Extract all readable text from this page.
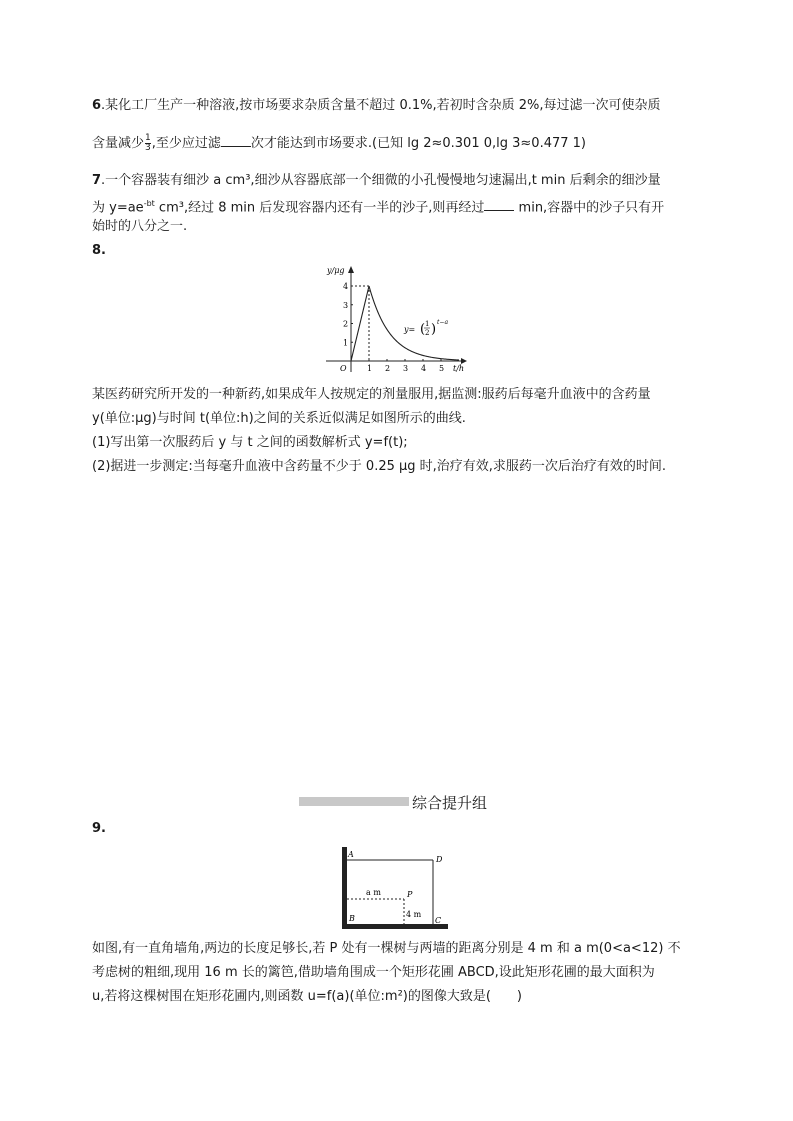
6.某化工厂生产一种溶液,按市场要求杂质含量不超过 0.1%,若初时含杂质 2%,每过滤一次可使杂质
含量减少 $\frac{1}{3}$ ,至少应过滤 次才能达到市场要求.(已知 lg 2≈0.301 0,lg 3≈0.477 1)
7.一个容器装有细沙 a cm³,细沙从容器底部一个细微的小孔慢慢地匀速漏出,t min 后剩余的细沙量
为 $y=ae^{-bt}$ cm³,经过 8 min 后发现容器内还有一半的沙子,则再经过 min,容器中的沙子只有开
始时的八分之一.
8.
y/μg
t/h
O
1
2
3
4
1 2 3 4 5
y= ( 1
2 ) t−a
某医药研究所开发的一种新药,如果成年人按规定的剂量服用,据监测:服药后每毫升血液中的含药量
y(单位:μg)与时间 t(单位:h)之间的关系近似满足如图所示的曲线.
(1)写出第一次服药后 y 与 t 之间的函数解析式 y=f(t);
(2)据进一步测定:当每毫升血液中含药量不少于 0.25 μg 时,治疗有效,求服药一次后治疗有效的时间.
综合提升组
9.
A
B	C
D
P
a m
4 m
如图,有一直角墙角,两边的长度足够长,若 P 处有一棵树与两墙的距离分别是 4 m 和 a m(0<a<12) 不
考虑树的粗细,现用 16 m 长的篱笆,借助墙角围成一个矩形花圃 ABCD,设此矩形花圃的最大面积为
u,若将这棵树围在矩形花圃内,则函数 u=f(a)(单位:m²)的图像大致是(　　)
